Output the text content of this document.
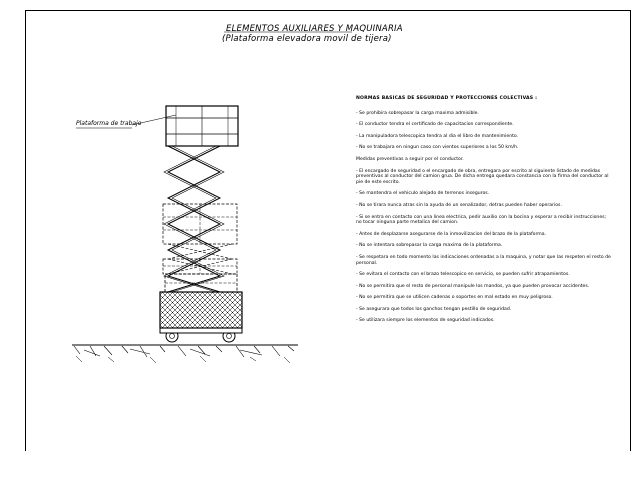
ELEMENTOS AUXILIARES Y MAQUINARIA
(Plataforma elevadora movil de tijera)
Plataforma de trabajo
NORMAS BASICAS DE SEGURIDAD Y PROTECCIONES COLECTIVAS :
- Se prohibira sobrepasar la carga maxima admisible.
- El conductor tendra el certificado de capacitacion correspondiente.
- La manipuladora telescopica tendra al dia el libro de mantenimiento.
- No se trabajara en ningun caso con vientos superiores a los 50 km/h.
Medidas preventivas a seguir por el conductor.
- El encargado de seguridad o el encargado de obra, entregara por escrito al siguiente listado de medidas preventivas al conductor del camion grua. De dicha entrega quedara constancia con la firma del conductor al pie de este escrito.
- Se mantendra el vehiculo alejado de terrenos inseguros.
- No se tirara nunca atras sin la ayuda de un senalizador, detras pueden haber operarios.
- Si se entra en contacto con una linea electrica, pedir auxilio con la bocina y esperar a recibir instrucciones; no tocar ninguna parte metalica del camion.
- Antes de desplazarse asegurarse de la inmovilizacion del brazo de la plataforma.
- No se intentara sobrepasar la carga maxima de la plataforma.
- Se respetara en todo momento las indicaciones ordenadas a la maquina, y notar que las respeten el resto de personal.
- Se evitara el contacto con el brazo telescopico en servicio, se pueden sufrir atrapamientos.
- No se permitira que el resto de personal manipule los mandos, ya que pueden provocar accidentes.
- No se permitira que se utilicen cadenas o soportes en mal estado en muy peligroso.
- Se asegurara que todos los ganchos tengan pestillo de seguridad.
- Se utilizara siempre los elementos de seguridad indicados.
